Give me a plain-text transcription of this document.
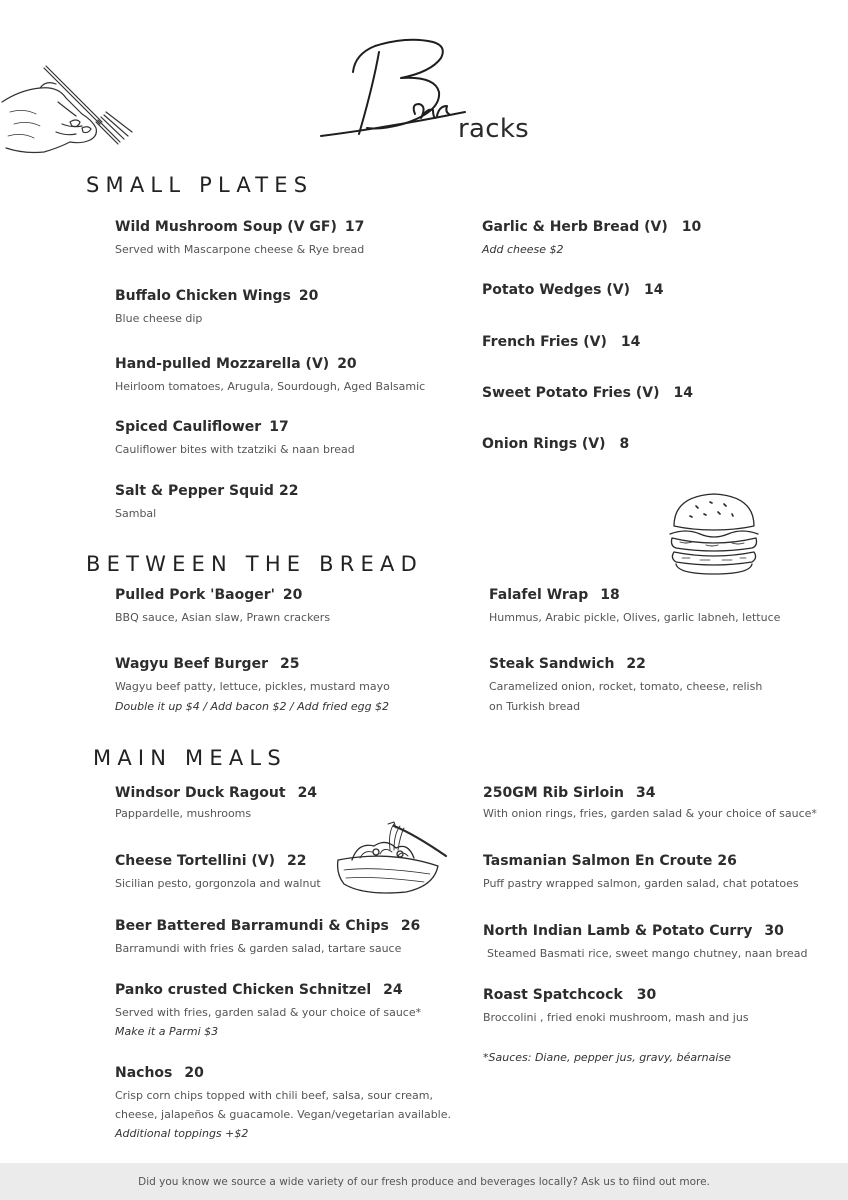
racks
SMALL PLATES
Wild Mushroom Soup (V GF) 17
Served with Mascarpone cheese & Rye bread
Buffalo Chicken Wings 20
Blue cheese dip
Hand-pulled Mozzarella (V) 20
Heirloom tomatoes, Arugula, Sourdough, Aged Balsamic
Spiced Cauliflower 17
Cauliflower bites with tzatziki & naan bread
Salt & Pepper Squid 22
Sambal
Garlic & Herb Bread (V) 10
Add cheese $2
Potato Wedges (V) 14
French Fries (V) 14
Sweet Potato Fries (V) 14
Onion Rings (V) 8
BETWEEN THE BREAD
Pulled Pork 'Baoger' 20
BBQ sauce, Asian slaw, Prawn crackers
Wagyu Beef Burger 25
Wagyu beef patty, lettuce, pickles, mustard mayo
Double it up $4 / Add bacon $2 / Add fried egg $2
Falafel Wrap 18
Hummus, Arabic pickle, Olives, garlic labneh, lettuce
Steak Sandwich 22
Caramelized onion, rocket, tomato, cheese, relish
on Turkish bread
MAIN MEALS
Windsor Duck Ragout 24
Pappardelle, mushrooms
Cheese Tortellini (V) 22
Sicilian pesto, gorgonzola and walnut
Beer Battered Barramundi & Chips 26
Barramundi with fries & garden salad, tartare sauce
Panko crusted Chicken Schnitzel 24
Served with fries, garden salad & your choice of sauce*
Make it a Parmi $3
Nachos 20
Crisp corn chips topped with chili beef, salsa, sour cream,
cheese, jalapeños & guacamole. Vegan/vegetarian available.
Additional toppings +$2
250GM Rib Sirloin 34
With onion rings, fries, garden salad & your choice of sauce*
Tasmanian Salmon En Croute 26
Puff pastry wrapped salmon, garden salad, chat potatoes
North Indian Lamb & Potato Curry 30
Steamed Basmati rice, sweet mango chutney, naan bread
Roast Spatchcock 30
Broccolini , fried enoki mushroom, mash and jus
*Sauces: Diane, pepper jus, gravy, béarnaise
Did you know we source a wide variety of our fresh produce and beverages locally? Ask us to fiind out more.
